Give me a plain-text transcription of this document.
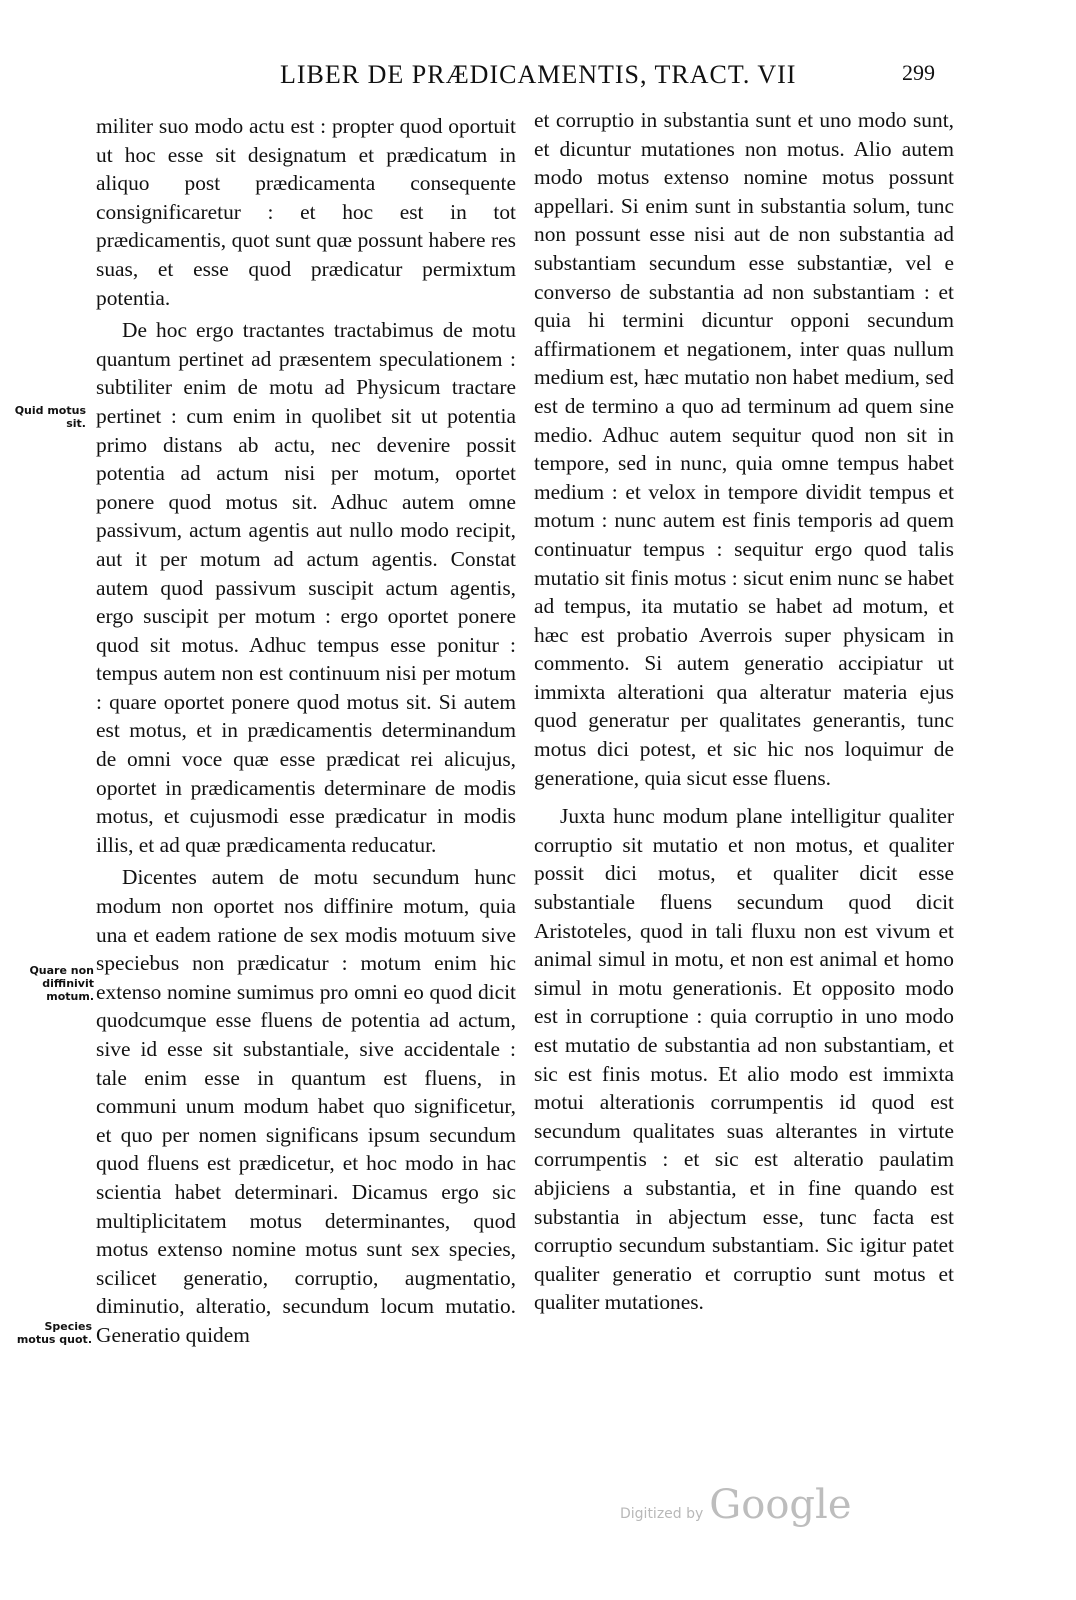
LIBER DE PRÆDICAMENTIS, TRACT. VII	299
Quid motus sit.
Quare non diffinivit motum.
Species motus quot.

militer suo modo actu est : propter quod oportuit ut hoc esse sit designatum et prædicatum in aliquo post prædicamenta consequente consignificaretur : et hoc est in tot prædicamentis, quot sunt quæ possunt habere res suas, et esse quod prædicatur permixtum potentia.

De hoc ergo tractantes tractabimus de motu quantum pertinet ad præsentem speculationem : subtiliter enim de motu ad Physicum tractare pertinet : cum enim in quolibet sit ut potentia primo distans ab actu, nec devenire possit potentia ad actum nisi per motum, oportet ponere quod motus sit. Adhuc autem omne passivum, actum agentis aut nullo modo recipit, aut it per motum ad actum agentis. Constat autem quod passivum suscipit actum agentis, ergo suscipit per motum : ergo oportet ponere quod sit motus. Adhuc tempus esse ponitur : tempus autem non est continuum nisi per motum : quare oportet ponere quod motus sit. Si autem est motus, et in prædicamentis determinandum de omni voce quæ esse prædicat rei alicujus, oportet in prædicamentis determinare de modis motus, et cujusmodi esse prædicatur in modis illis, et ad quæ prædicamenta reducatur.

Dicentes autem de motu secundum hunc modum non oportet nos diffinire motum, quia una et eadem ratione de sex modis motuum sive speciebus non prædicatur : motum enim hic extenso nomine sumimus pro omni eo quod dicit quodcumque esse fluens de potentia ad actum, sive id esse sit substantiale, sive accidentale : tale enim esse in quantum est fluens, in communi unum modum habet quo significetur, et quo per nomen significans ipsum secundum quod fluens est prædicetur, et hoc modo in hac scientia habet determinari. Dicamus ergo sic multiplicitatem motus determinantes, quod motus extenso nomine motus sunt sex species, scilicet generatio, corruptio, augmentatio, diminutio, alteratio, secundum locum mutatio. Generatio quidem

et corruptio in substantia sunt et uno modo sunt, et dicuntur mutationes non motus. Alio autem modo motus extenso nomine motus possunt appellari. Si enim sunt in substantia solum, tunc non possunt esse nisi aut de non substantia ad substantiam secundum esse substantiæ, vel e converso de substantia ad non substantiam : et quia hi termini dicuntur opponi secundum affirmationem et negationem, inter quas nullum medium est, hæc mutatio non habet medium, sed est de termino a quo ad terminum ad quem sine medio. Adhuc autem sequitur quod non sit in tempore, sed in nunc, quia omne tempus habet medium : et velox in tempore dividit tempus et motum : nunc autem est finis temporis ad quem continuatur tempus : sequitur ergo quod talis mutatio sit finis motus : sicut enim nunc se habet ad tempus, ita mutatio se habet ad motum, et hæc est probatio Averrois super physicam in commento. Si autem generatio accipiatur ut immixta alterationi qua alteratur materia ejus quod generatur per qualitates generantis, tunc motus dici potest, et sic hic nos loquimur de generatione, quia sicut esse fluens.

Juxta hunc modum plane intelligitur qualiter corruptio sit mutatio et non motus, et qualiter possit dici motus, et qualiter dicit esse substantiale fluens secundum quod dicit Aristoteles, quod in tali fluxu non est vivum et animal simul in motu, et non est animal et homo simul in motu generationis. Et opposito modo est in corruptione : quia corruptio in uno modo est mutatio de substantia ad non substantiam, et sic est finis motus. Et alio modo est immixta motui alterationis corrumpentis id quod est secundum qualitates suas alterantes in virtute corrumpentis : et sic est alteratio paulatim abjiciens a substantia, et in fine quando est substantia in abjectum esse, tunc facta est corruptio secundum substantiam. Sic igitur patet qualiter generatio et corruptio sunt motus et qualiter mutationes.

Digitized by Google
